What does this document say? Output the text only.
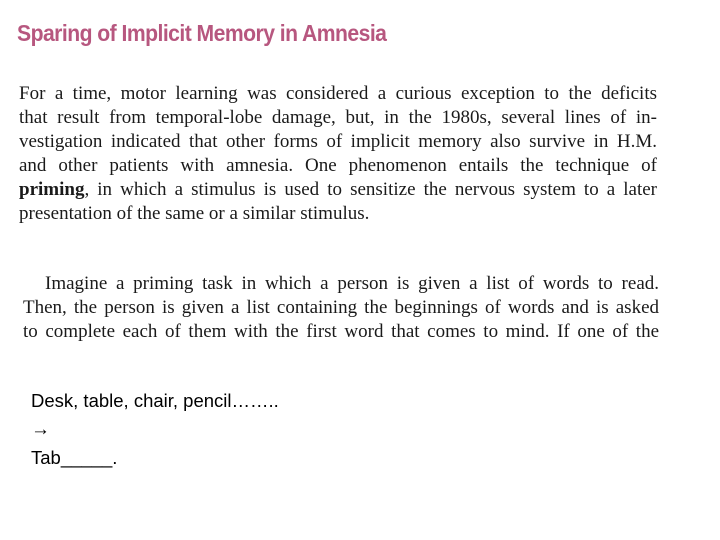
Sparing of Implicit Memory in Amnesia

For a time, motor learning was considered a curious exception to the deficits
that result from temporal-lobe damage, but, in the 1980s, several lines of in-
vestigation indicated that other forms of implicit memory also survive in H.M.
and other patients with amnesia. One phenomenon entails the technique of
priming, in which a stimulus is used to sensitize the nervous system to a later
presentation of the same or a similar stimulus.

Imagine a priming task in which a person is given a list of words to read.
Then, the person is given a list containing the beginnings of words and is asked
to complete each of them with the first word that comes to mind. If one of the

Desk, table, chair, pencil……..
→
Tab_____.
